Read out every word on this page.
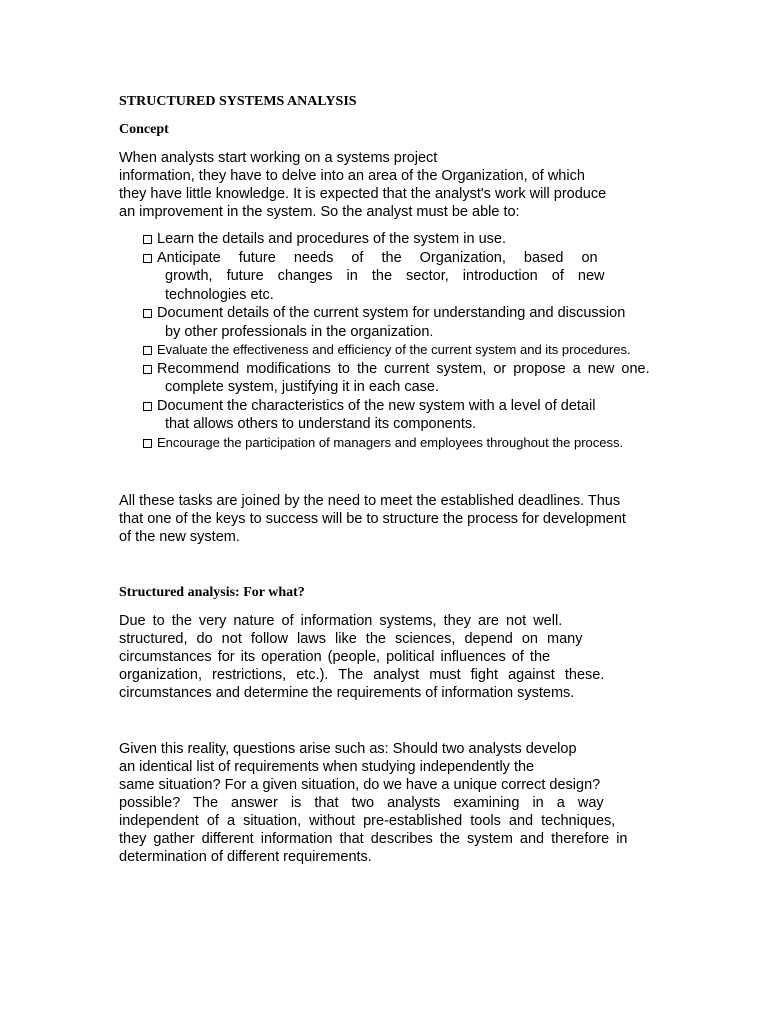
STRUCTURED SYSTEMS ANALYSIS
Concept
When analysts start working on a systems project
information, they have to delve into an area of the Organization, of which
they have little knowledge. It is expected that the analyst's work will produce
an improvement in the system. So the analyst must be able to:
Learn the details and procedures of the system in use.
Anticipate future needs of the Organization, based on
growth, future changes in the sector, introduction of new
technologies etc.
Document details of the current system for understanding and discussion
by other professionals in the organization.
Evaluate the effectiveness and efficiency of the current system and its procedures.
Recommend modifications to the current system, or propose a new one.
complete system, justifying it in each case.
Document the characteristics of the new system with a level of detail
that allows others to understand its components.
Encourage the participation of managers and employees throughout the process.
All these tasks are joined by the need to meet the established deadlines. Thus
that one of the keys to success will be to structure the process for development
of the new system.
Structured analysis: For what?
Due to the very nature of information systems, they are not well.
structured, do not follow laws like the sciences, depend on many
circumstances for its operation (people, political influences of the
organization, restrictions, etc.). The analyst must fight against these.
circumstances and determine the requirements of information systems.
Given this reality, questions arise such as: Should two analysts develop
an identical list of requirements when studying independently the
same situation? For a given situation, do we have a unique correct design?
possible? The answer is that two analysts examining in a way
independent of a situation, without pre-established tools and techniques,
they gather different information that describes the system and therefore in
determination of different requirements.
